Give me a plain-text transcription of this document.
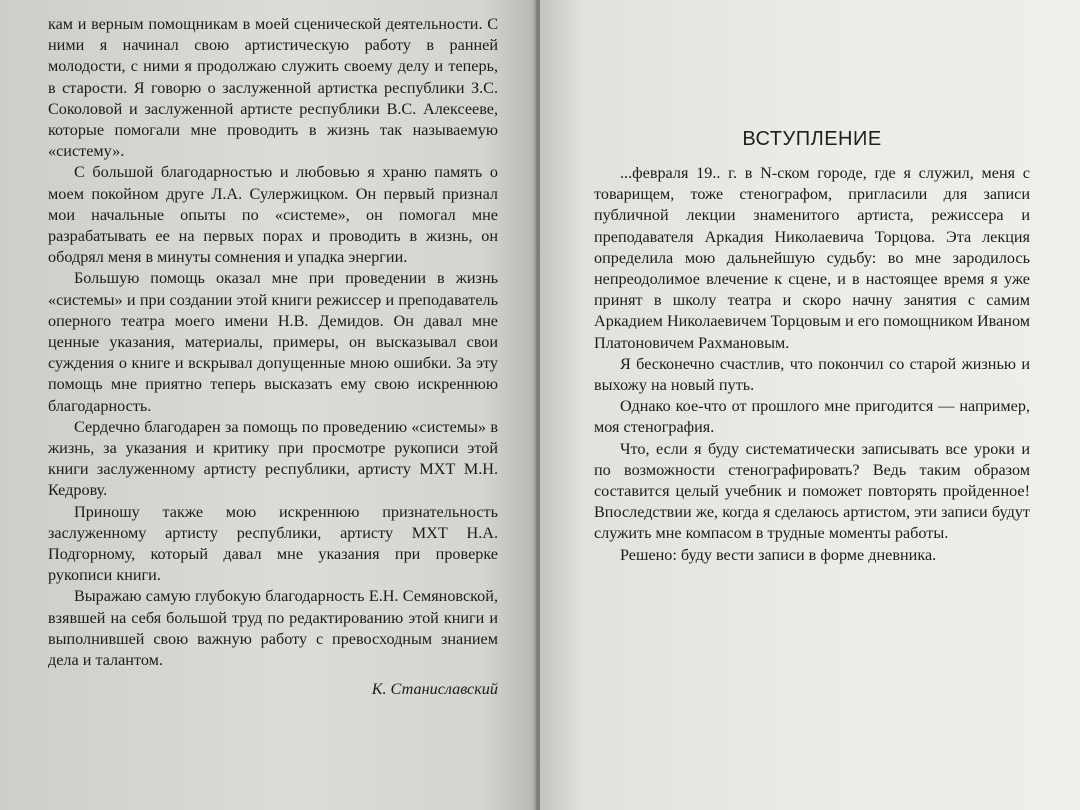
кам и верным помощникам в моей сценической деятельности. С ними я начинал свою артистическую работу в ранней молодости, с ними я продолжаю служить своему делу и теперь, в старости. Я говорю о заслуженной артистка республики З.С. Соколовой и заслуженной артисте республики В.С. Алексееве, которые помогали мне проводить в жизнь так называемую «систему».

С большой благодарностью и любовью я храню память о моем покойном друге Л.А. Сулержицком. Он первый признал мои начальные опыты по «системе», он помогал мне разрабатывать ее на первых порах и проводить в жизнь, он ободрял меня в минуты сомнения и упадка энергии.

Большую помощь оказал мне при проведении в жизнь «системы» и при создании этой книги режиссер и преподаватель оперного театра моего имени Н.В. Демидов. Он давал мне ценные указания, материалы, примеры, он высказывал свои суждения о книге и вскрывал допущенные мною ошибки. За эту помощь мне приятно теперь высказать ему свою искреннюю благодарность.

Сердечно благодарен за помощь по проведению «системы» в жизнь, за указания и критику при просмотре рукописи этой книги заслуженному артисту республики, артисту МХТ М.Н. Кедрову.

Приношу также мою искреннюю признательность заслуженному артисту республики, артисту МХТ Н.А. Подгорному, который давал мне указания при проверке рукописи книги.

Выражаю самую глубокую благодарность Е.Н. Семяновской, взявшей на себя большой труд по редактированию этой книги и выполнившей свою важную работу с превосходным знанием дела и талантом.

К. Станиславский
ВСТУПЛЕНИЕ

...февраля 19.. г. в N-ском городе, где я служил, меня с товарищем, тоже стенографом, пригласили для записи публичной лекции знаменитого артиста, режиссера и преподавателя Аркадия Николаевича Торцова. Эта лекция определила мою дальнейшую судьбу: во мне зародилось непреодолимое влечение к сцене, и в настоящее время я уже принят в школу театра и скоро начну занятия с самим Аркадием Николаевичем Торцовым и его помощником Иваном Платоновичем Рахмановым.

Я бесконечно счастлив, что покончил со старой жизнью и выхожу на новый путь.

Однако кое-что от прошлого мне пригодится — например, моя стенография.

Что, если я буду систематически записывать все уроки и по возможности стенографировать? Ведь таким образом составится целый учебник и поможет повторять пройденное! Впоследствии же, когда я сделаюсь артистом, эти записи будут служить мне компасом в трудные моменты работы.

Решено: буду вести записи в форме дневника.
